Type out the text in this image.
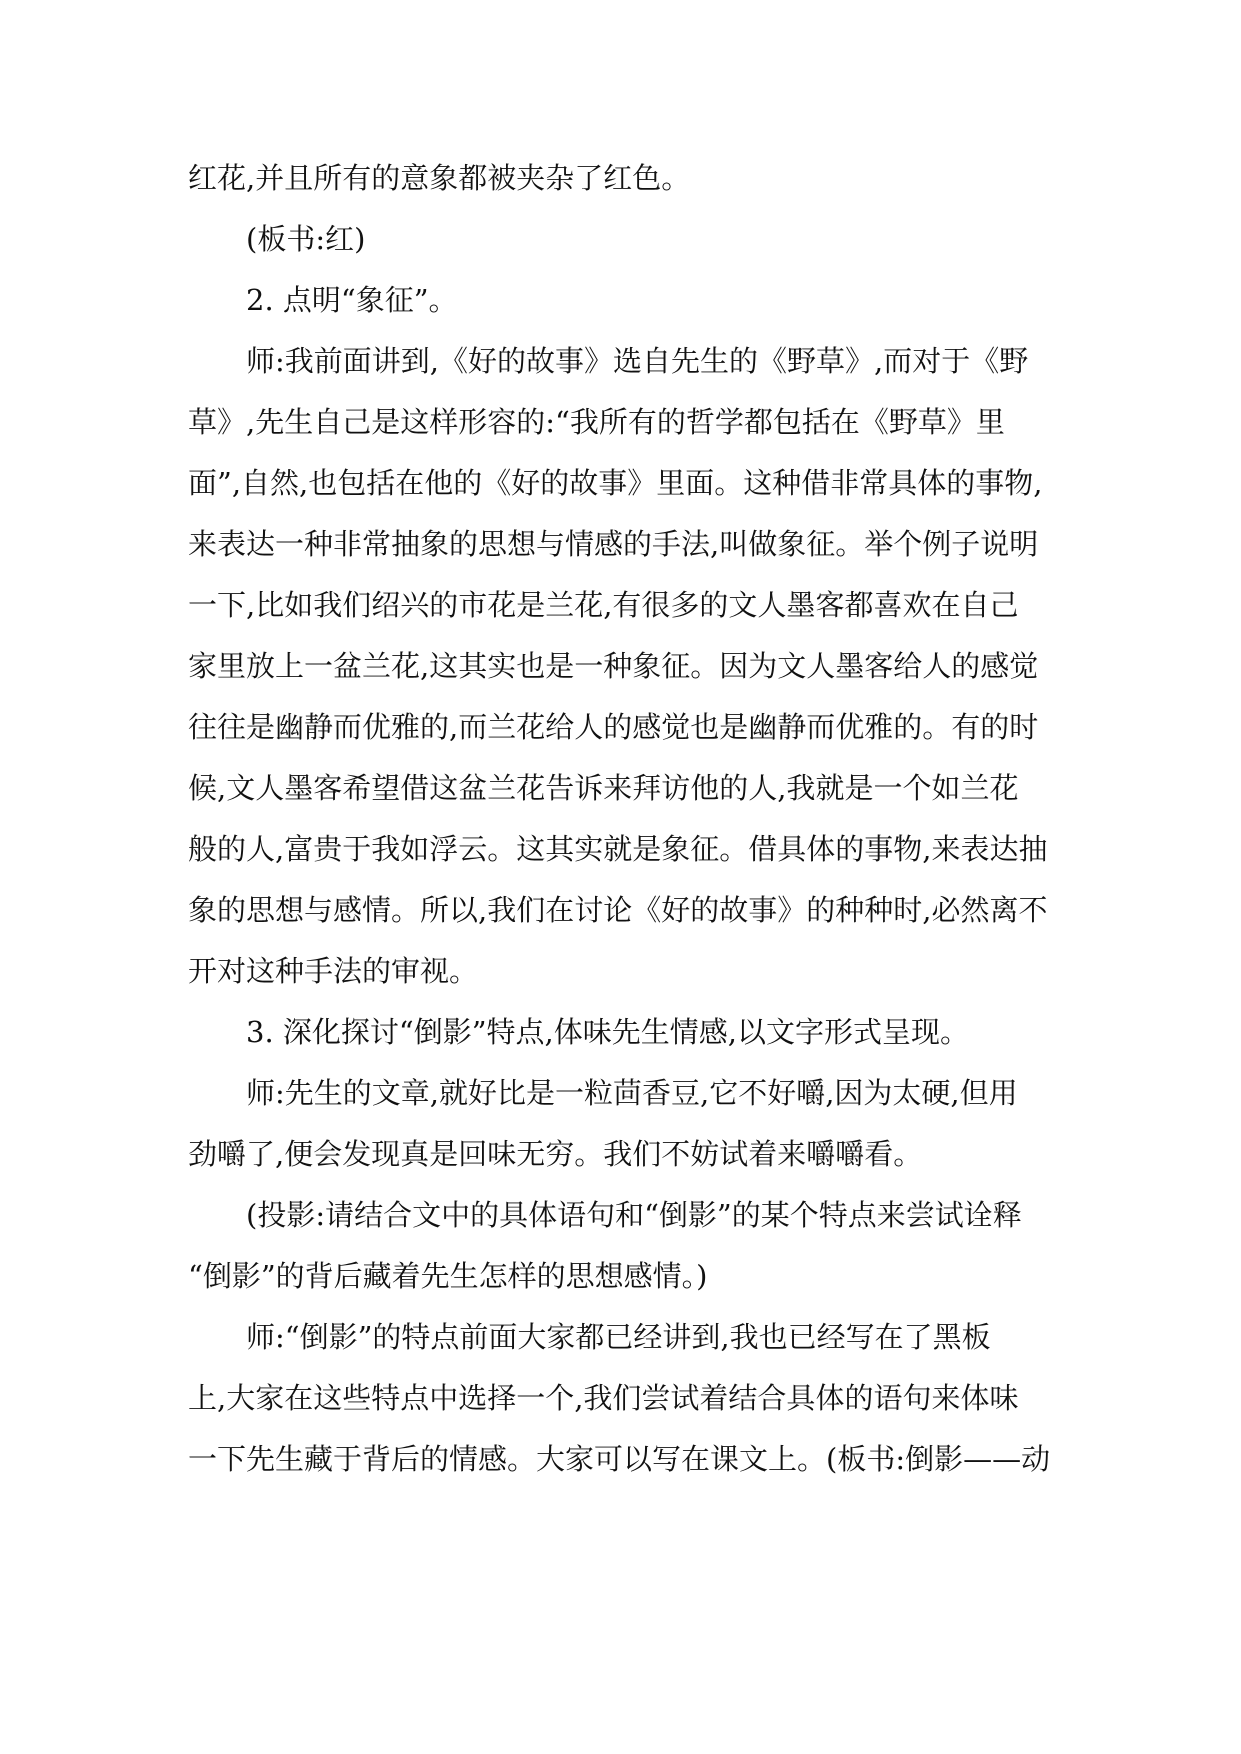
红花,并且所有的意象都被夹杂了红色。
(板书:红)
2. 点明“象征”。
师:我前面讲到,《好的故事》选自先生的《野草》,而对于《野
草》,先生自己是这样形容的:“我所有的哲学都包括在《野草》里
面”,自然,也包括在他的《好的故事》里面。这种借非常具体的事物,
来表达一种非常抽象的思想与情感的手法,叫做象征。举个例子说明
一下,比如我们绍兴的市花是兰花,有很多的文人墨客都喜欢在自己
家里放上一盆兰花,这其实也是一种象征。因为文人墨客给人的感觉
往往是幽静而优雅的,而兰花给人的感觉也是幽静而优雅的。有的时
候,文人墨客希望借这盆兰花告诉来拜访他的人,我就是一个如兰花
般的人,富贵于我如浮云。这其实就是象征。借具体的事物,来表达抽
象的思想与感情。所以,我们在讨论《好的故事》的种种时,必然离不
开对这种手法的审视。
3. 深化探讨“倒影”特点,体味先生情感,以文字形式呈现。
师:先生的文章,就好比是一粒茴香豆,它不好嚼,因为太硬,但用
劲嚼了,便会发现真是回味无穷。我们不妨试着来嚼嚼看。
(投影:请结合文中的具体语句和“倒影”的某个特点来尝试诠释
“倒影”的背后藏着先生怎样的思想感情。)
师:“倒影”的特点前面大家都已经讲到,我也已经写在了黑板
上,大家在这些特点中选择一个,我们尝试着结合具体的语句来体味
一下先生藏于背后的情感。大家可以写在课文上。(板书:倒影——动
